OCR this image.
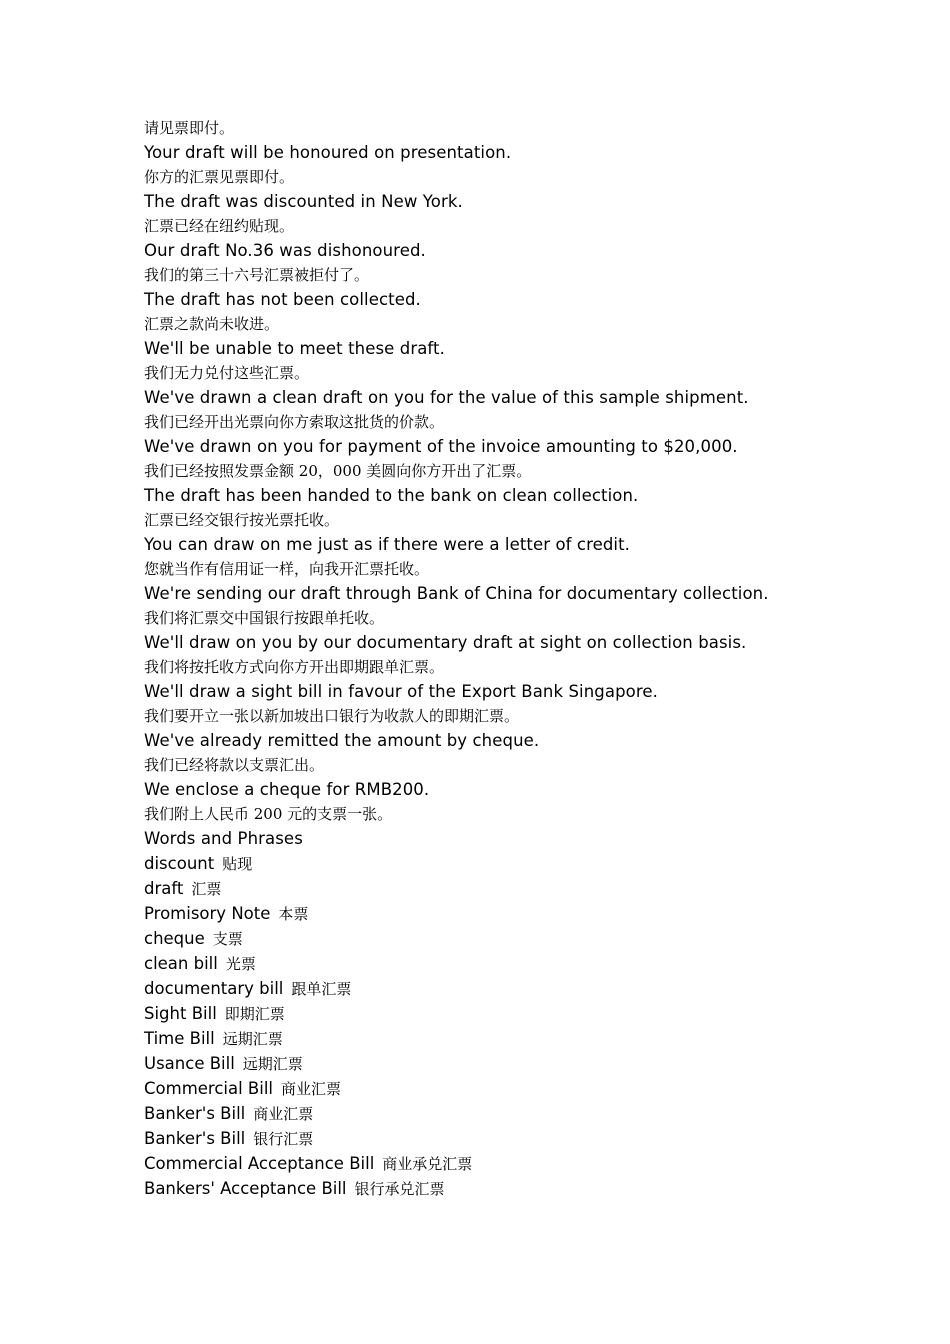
请见票即付。
Your draft will be honoured on presentation.
你方的汇票见票即付。
The draft was discounted in New York.
汇票已经在纽约贴现。
Our draft No.36 was dishonoured.
我们的第三十六号汇票被拒付了。
The draft has not been collected.
汇票之款尚未收进。
We'll be unable to meet these draft.
我们无力兑付这些汇票。
We've drawn a clean draft on you for the value of this sample shipment.
我们已经开出光票向你方索取这批货的价款。
We've drawn on you for payment of the invoice amounting to $20,000.
我们已经按照发票金额 20，000 美圆向你方开出了汇票。
The draft has been handed to the bank on clean collection.
汇票已经交银行按光票托收。
You can draw on me just as if there were a letter of credit.
您就当作有信用证一样，向我开汇票托收。
We're sending our draft through Bank of China for documentary collection.
我们将汇票交中国银行按跟单托收。
We'll draw on you by our documentary draft at sight on collection basis.
我们将按托收方式向你方开出即期跟单汇票。
We'll draw a sight bill in favour of the Export Bank Singapore.
我们要开立一张以新加坡出口银行为收款人的即期汇票。
We've already remitted the amount by cheque.
我们已经将款以支票汇出。
We enclose a cheque for RMB200.
我们附上人民币 200 元的支票一张。
Words and Phrases
discount 贴现
draft 汇票
Promisory Note 本票
cheque 支票
clean bill 光票
documentary bill 跟单汇票
Sight Bill 即期汇票
Time Bill 远期汇票
Usance Bill 远期汇票
Commercial Bill 商业汇票
Banker's Bill 商业汇票
Banker's Bill 银行汇票
Commercial Acceptance Bill 商业承兑汇票
Bankers' Acceptance Bill 银行承兑汇票
